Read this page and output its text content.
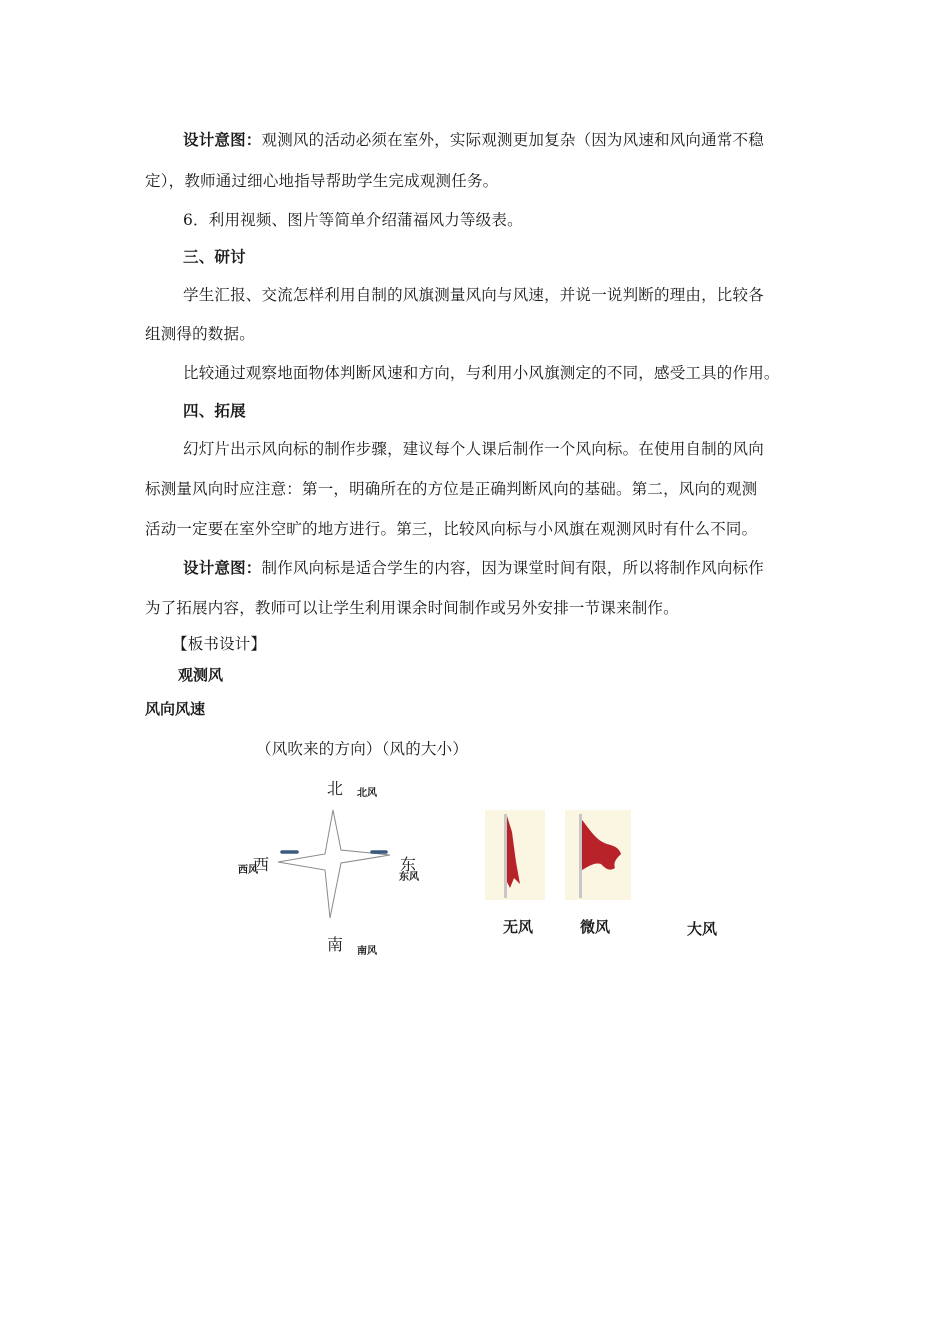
设计意图：观测风的活动必须在室外，实际观测更加复杂（因为风速和风向通常不稳
定），教师通过细心地指导帮助学生完成观测任务。
6．利用视频、图片等简单介绍蒲福风力等级表。
三、研讨
学生汇报、交流怎样利用自制的风旗测量风向与风速，并说一说判断的理由，比较各
组测得的数据。
比较通过观察地面物体判断风速和方向，与利用小风旗测定的不同，感受工具的作用。
四、拓展
幻灯片出示风向标的制作步骤，建议每个人课后制作一个风向标。在使用自制的风向
标测量风向时应注意：第一，明确所在的方位是正确判断风向的基础。第二，风向的观测
活动一定要在室外空旷的地方进行。第三，比较风向标与小风旗在观测风时有什么不同。
设计意图：制作风向标是适合学生的内容，因为课堂时间有限，所以将制作风向标作
为了拓展内容，教师可以让学生利用课余时间制作或另外安排一节课来制作。
【板书设计】
观测风
风向风速
（风吹来的方向）（风的大小）
北 北风
南 南风
东
东风
西
西风
无风	微风	大风
